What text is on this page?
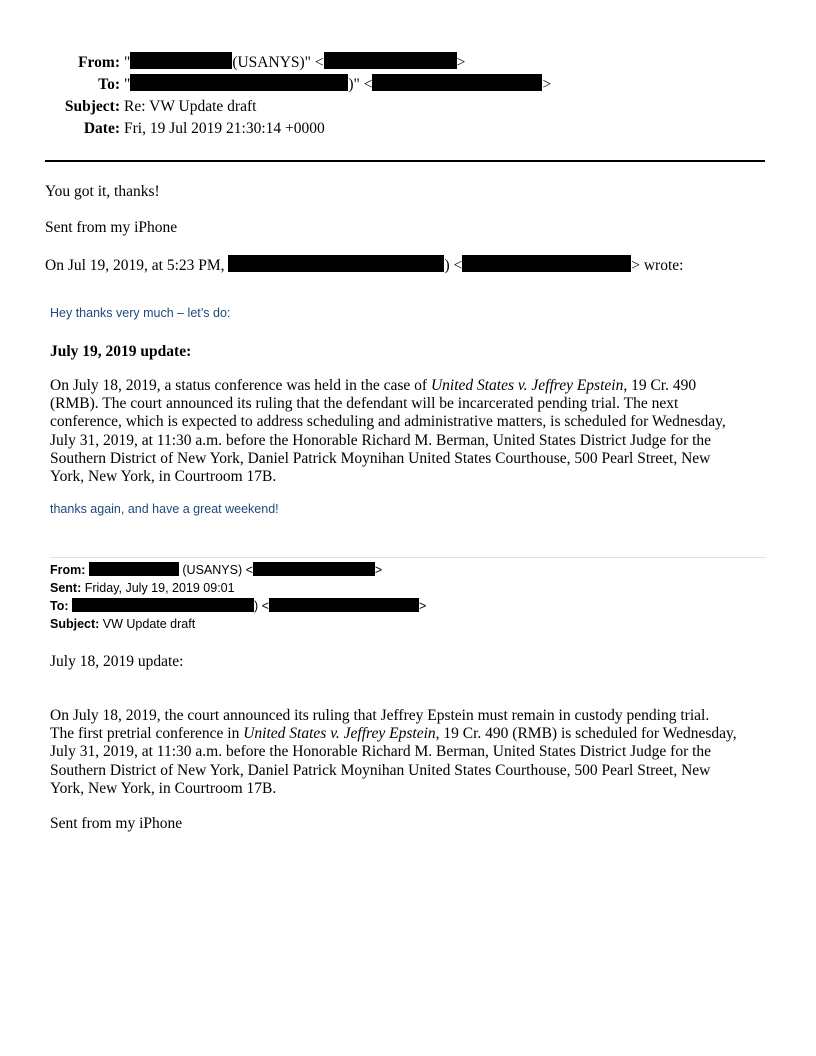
From: "	(USANYS)" <	>
To: "	)" <	>
Subject: Re: VW Update draft
Date: Fri, 19 Jul 2019 21:30:14 +0000
You got it, thanks!
Sent from my iPhone
On Jul 19, 2019, at 5:23 PM,	) <	> wrote:
Hey thanks very much – let’s do:
July 19, 2019 update:
On July 18, 2019, a status conference was held in the case of United States v. Jeffrey Epstein, 19 Cr. 490
(RMB). The court announced its ruling that the defendant will be incarcerated pending trial. The next
conference, which is expected to address scheduling and administrative matters, is scheduled for Wednesday,
July 31, 2019, at 11:30 a.m. before the Honorable Richard M. Berman, United States District Judge for the
Southern District of New York, Daniel Patrick Moynihan United States Courthouse, 500 Pearl Street, New
York, New York, in Courtroom 17B.
thanks again, and have a great weekend!
From:	(USANYS) <	>
Sent: Friday, July 19, 2019 09:01
To:	) <	>
Subject: VW Update draft
July 18, 2019 update:
On July 18, 2019, the court announced its ruling that Jeffrey Epstein must remain in custody pending trial.
The first pretrial conference in United States v. Jeffrey Epstein, 19 Cr. 490 (RMB) is scheduled for Wednesday,
July 31, 2019, at 11:30 a.m. before the Honorable Richard M. Berman, United States District Judge for the
Southern District of New York, Daniel Patrick Moynihan United States Courthouse, 500 Pearl Street, New
York, New York, in Courtroom 17B.
Sent from my iPhone
